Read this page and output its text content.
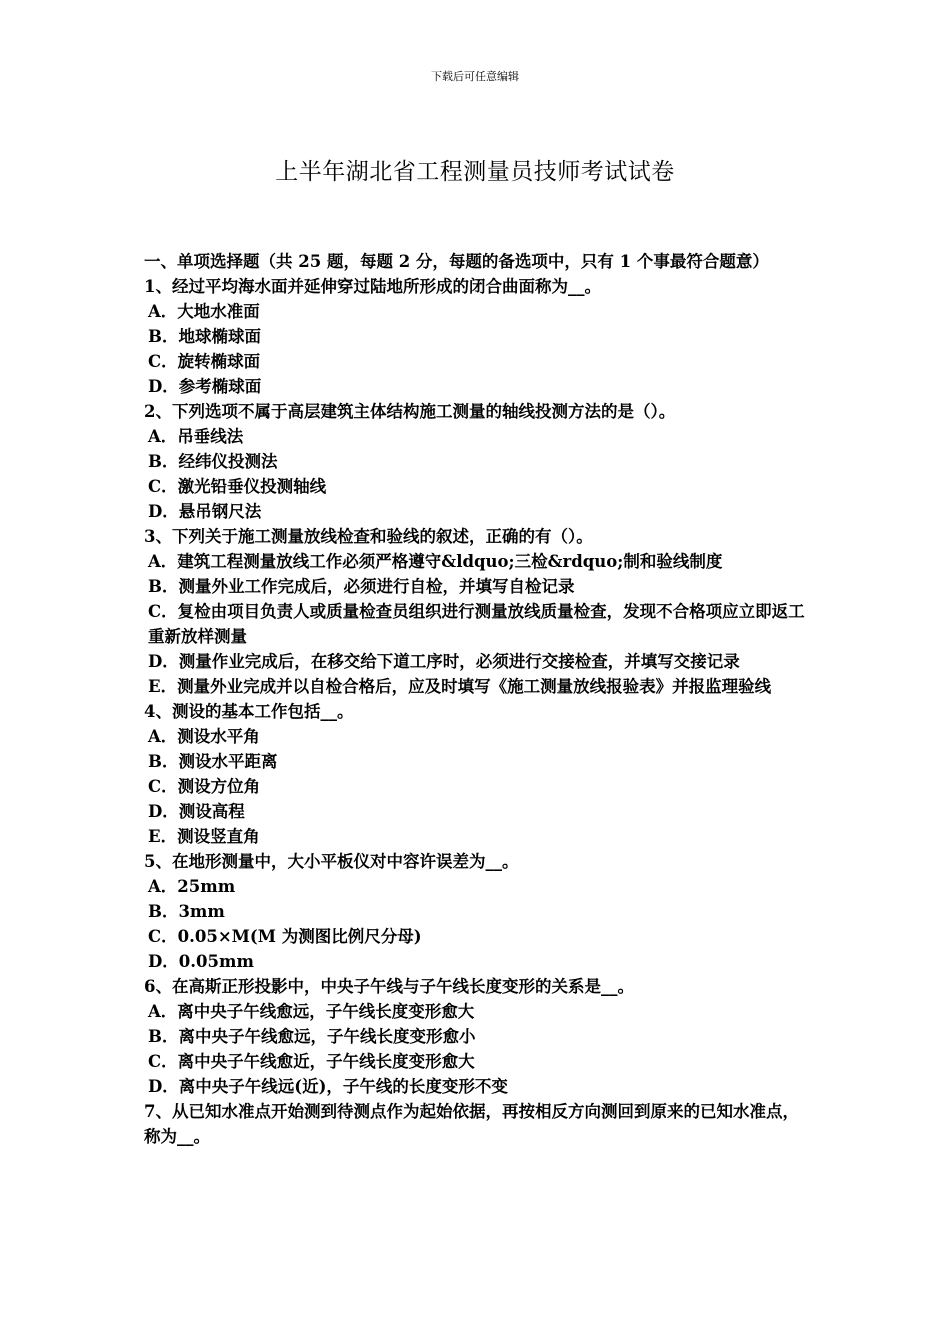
下载后可任意编辑
上半年湖北省工程测量员技师考试试卷

一、单项选择题（共 25 题，每题 2 分，每题的备选项中，只有 1 个事最符合题意）

1、经过平均海水面并延伸穿过陆地所形成的闭合曲面称为__。

A．大地水准面

B．地球椭球面

C．旋转椭球面

D．参考椭球面

2、下列选项不属于高层建筑主体结构施工测量的轴线投测方法的是（）。

A．吊垂线法

B．经纬仪投测法

C．激光铅垂仪投测轴线

D．悬吊钢尺法

3、下列关于施工测量放线检查和验线的叙述，正确的有（）。

A．建筑工程测量放线工作必须严格遵守&ldquo;三检&rdquo;制和验线制度

B．测量外业工作完成后，必须进行自检，并填写自检记录

C．复检由项目负责人或质量检查员组织进行测量放线质量检查，发现不合格项应立即返工重新放样测量

D．测量作业完成后，在移交给下道工序时，必须进行交接检查，并填写交接记录

E．测量外业完成并以自检合格后，应及时填写《施工测量放线报验表》并报监理验线

4、测设的基本工作包括__。

A．测设水平角

B．测设水平距离

C．测设方位角

D．测设高程

E．测设竖直角

5、在地形测量中，大小平板仪对中容许误差为__。

A．25mm

B．3mm

C．0.05×M(M 为测图比例尺分母)

D．0.05mm

6、在高斯正形投影中，中央子午线与子午线长度变形的关系是__。

A．离中央子午线愈远，子午线长度变形愈大

B．离中央子午线愈远，子午线长度变形愈小

C．离中央子午线愈近，子午线长度变形愈大

D．离中央子午线远(近)，子午线的长度变形不变

7、从已知水准点开始测到待测点作为起始依据，再按相反方向测回到原来的已知水准点，称为__。
